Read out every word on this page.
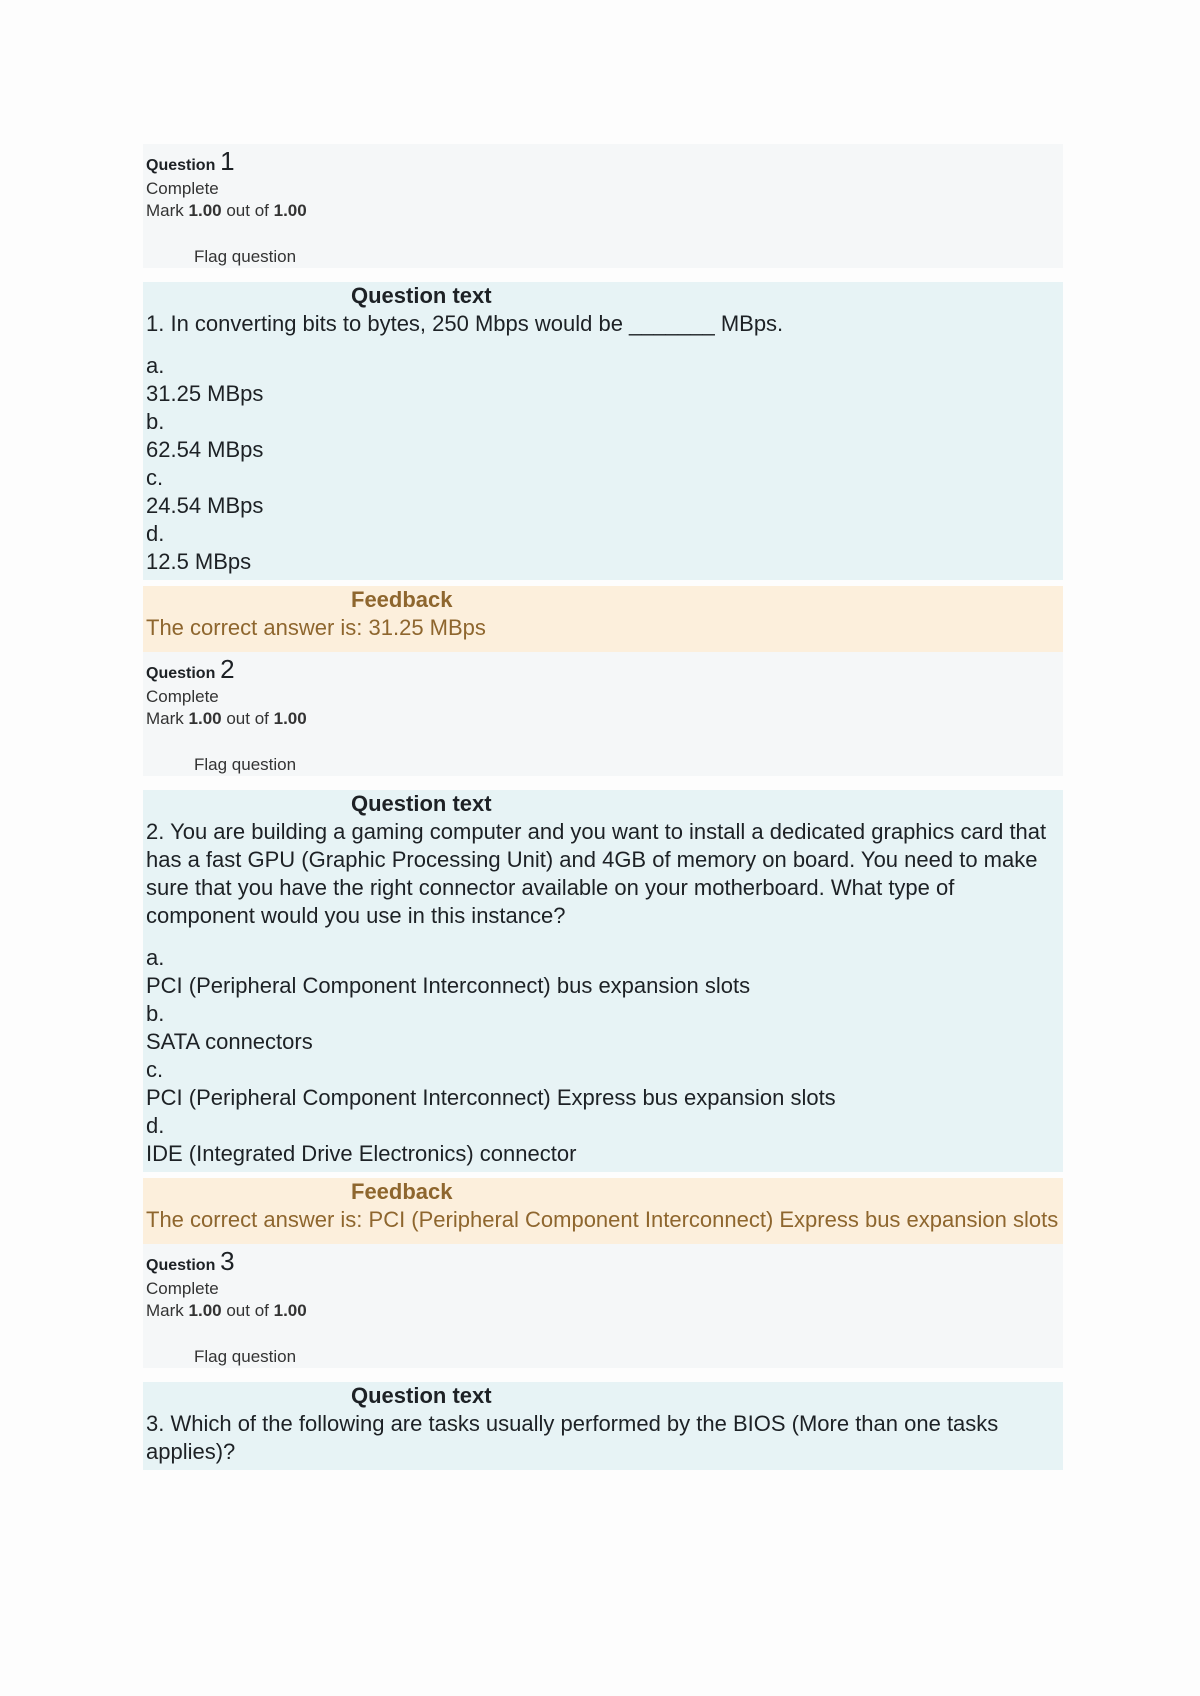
Question 1
Complete
Mark 1.00 out of 1.00
Flag question
Question text
1. In converting bits to bytes, 250 Mbps would be _______ MBps.
a.
31.25 MBps
b.
62.54 MBps
c.
24.54 MBps
d.
12.5 MBps
Feedback
The correct answer is: 31.25 MBps
Question 2
Complete
Mark 1.00 out of 1.00
Flag question
Question text
2. You are building a gaming computer and you want to install a dedicated graphics card that has a fast GPU (Graphic Processing Unit) and 4GB of memory on board. You need to make sure that you have the right connector available on your motherboard. What type of component would you use in this instance?
a.
PCI (Peripheral Component Interconnect) bus expansion slots
b.
SATA connectors
c.
PCI (Peripheral Component Interconnect) Express bus expansion slots
d.
IDE (Integrated Drive Electronics) connector
Feedback
The correct answer is: PCI (Peripheral Component Interconnect) Express bus expansion slots
Question 3
Complete
Mark 1.00 out of 1.00
Flag question
Question text
3. Which of the following are tasks usually performed by the BIOS (More than one tasks applies)?
